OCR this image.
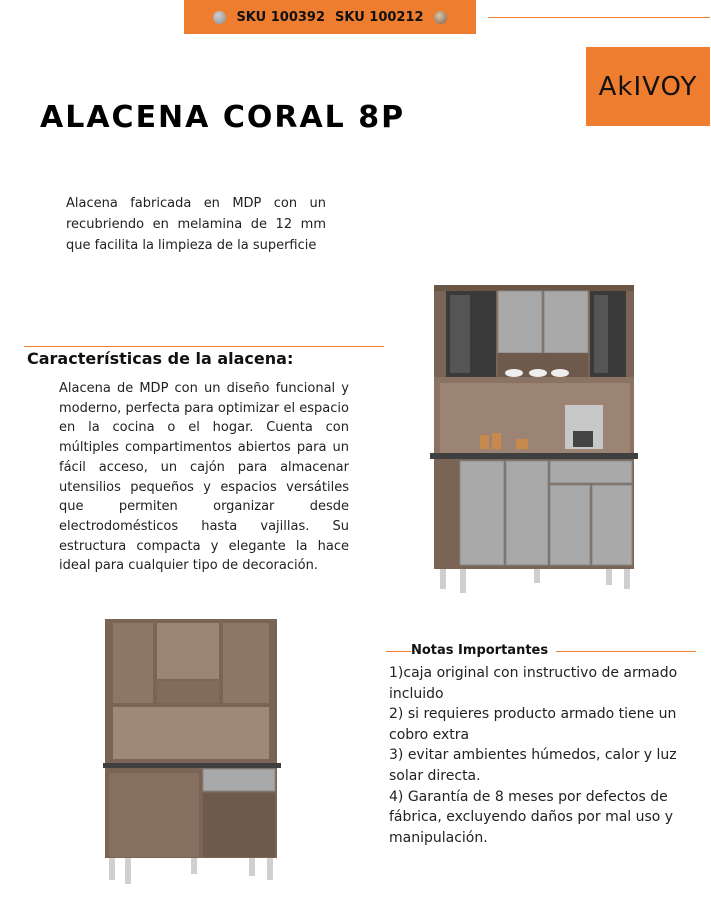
SKU 100392 SKU 100212
AkIVOY
ALACENA CORAL 8P
Alacena fabricada en MDP con un recubriendo en melamina de 12 mm que facilita la limpieza de la superficie
Características de la alacena:
Alacena de MDP con un diseño funcional y moderno, perfecta para optimizar el espacio en la cocina o el hogar. Cuenta con múltiples compartimentos abiertos para un fácil acceso, un cajón para almacenar utensilios pequeños y espacios versátiles que permiten organizar desde electrodomésticos hasta vajillas. Su estructura compacta y elegante la hace ideal para cualquier tipo de decoración.
Notas Importantes
1)caja original con instructivo de armado incluido
2) si requieres producto armado tiene un cobro extra
3) evitar ambientes húmedos, calor y luz solar directa.
4) Garantía de 8 meses por defectos de fábrica, excluyendo daños por mal uso y manipulación.
